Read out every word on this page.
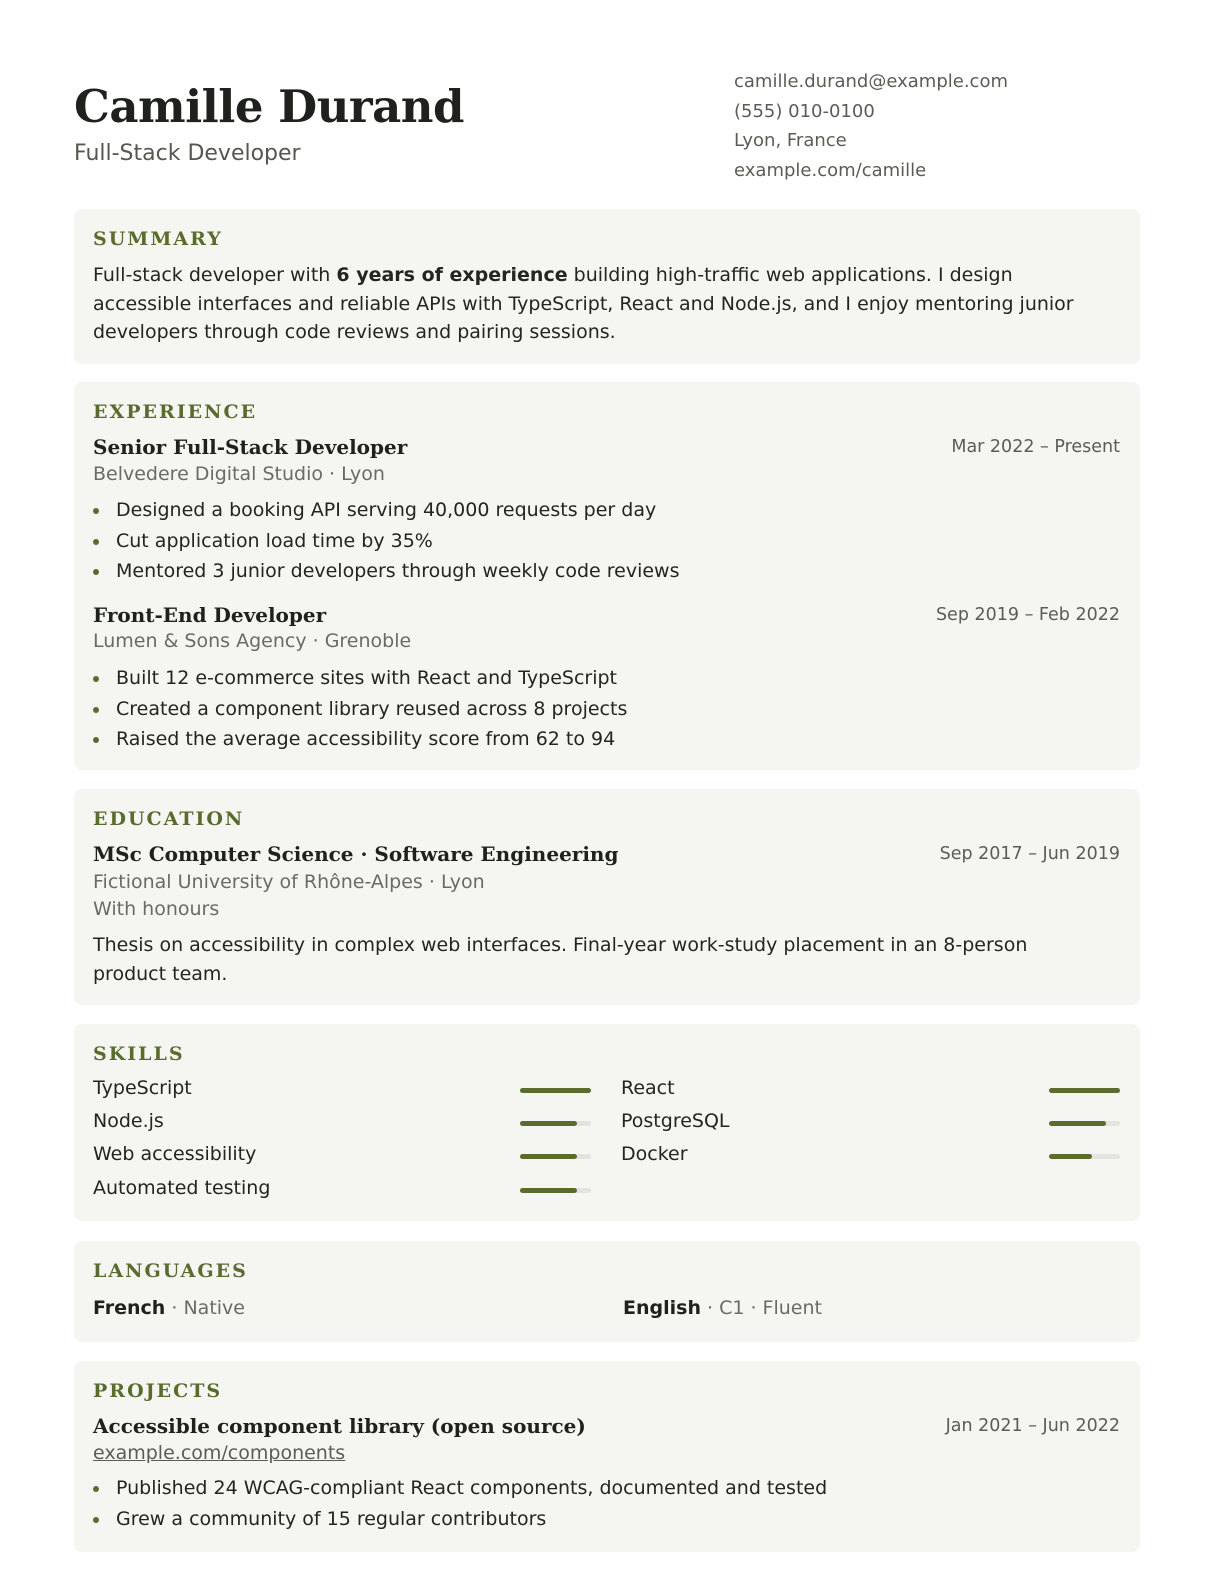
Camille Durand
Full-Stack Developer
camille.durand@example.com
(555) 010-0100
Lyon, France
example.com/camille
SUMMARY

Full-stack developer with 6 years of experience building high-traffic web applications. I design accessible interfaces and reliable APIs with TypeScript, React and Node.js, and I enjoy mentoring junior developers through code reviews and pairing sessions.

EXPERIENCE
Senior Full-Stack Developer	Mar 2022 – Present
Belvedere Digital Studio · Lyon
Designed a booking API serving 40,000 requests per day
Cut application load time by 35%
Mentored 3 junior developers through weekly code reviews
Front-End Developer	Sep 2019 – Feb 2022
Lumen & Sons Agency · Grenoble
Built 12 e-commerce sites with React and TypeScript
Created a component library reused across 8 projects
Raised the average accessibility score from 62 to 94
EDUCATION
MSc Computer Science · Software Engineering	Sep 2017 – Jun 2019
Fictional University of Rhône-Alpes · Lyon
With honours

Thesis on accessibility in complex web interfaces. Final-year work-study placement in an 8-person product team.

SKILLS
TypeScript	React
Node.js	PostgreSQL
Web accessibility	Docker
Automated testing
LANGUAGES
French · Native	English · C1 · Fluent
PROJECTS
Accessible component library (open source)	Jan 2021 – Jun 2022
example.com/components
Published 24 WCAG-compliant React components, documented and tested
Grew a community of 15 regular contributors
